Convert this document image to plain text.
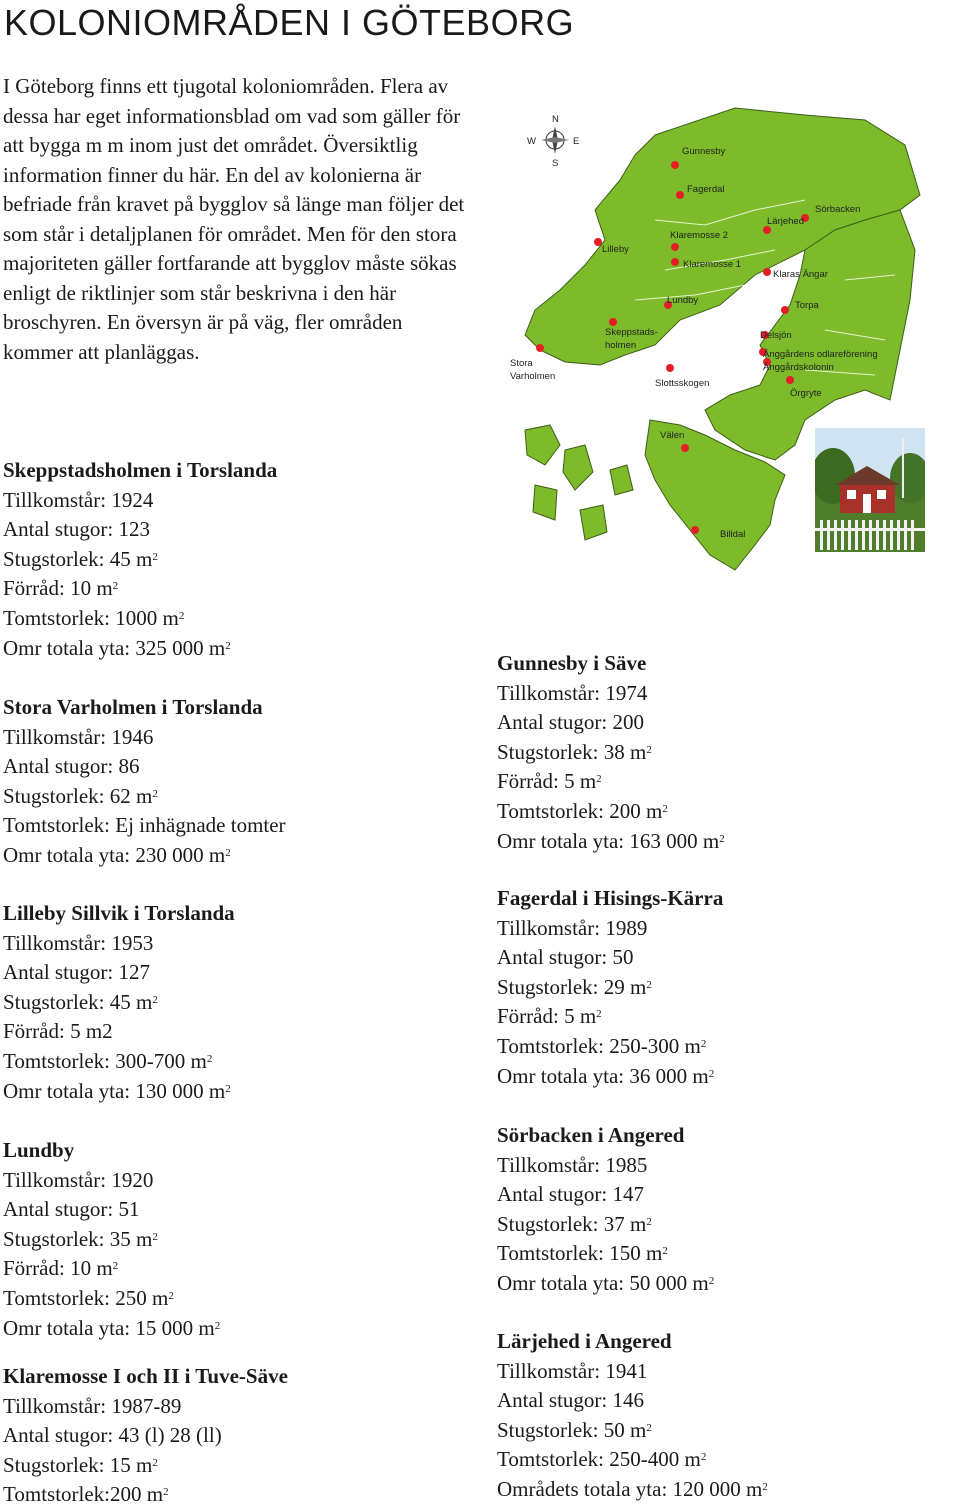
KOLONIOMRÅDEN I GÖTEBORG
I Göteborg finns ett tjugotal koloniområden. Flera av dessa har eget informationsblad om vad som gäller för att bygga m m inom just det området. Översiktlig information finner du här. En del av kolonierna är befriade från kravet på bygglov så länge man följer det som står i detaljplanen för området. Men för den stora majoriteten gäller fortfarande att bygglov måste sökas enligt de riktlinjer som står beskrivna i den här broschyren. En översyn är på väg, fler områden kommer att planläggas.
N
S
W	E
Gunnesby
Fagerdal
Lärjehed
Sörbacken
Lilleby
Klaremosse 2
Klaremosse 1
Klaras Ängar
Lundby	Torpa
Skeppstads-
holmen
Stora
Varholmen
Delsjön
Änggårdens odlareförening
Änggårdskolonin
Slottsskogen
Örgryte
Välen
Billdal
Skeppstadsholmen i Torslanda
Tillkomstår: 1924
Antal stugor: 123
Stugstorlek: 45 $m^2$
Förråd: 10 $m^2$
Tomtstorlek: 1000 $m^2$
Omr totala yta: 325 000 $m^2$
Stora Varholmen i Torslanda
Tillkomstår: 1946
Antal stugor: 86
Stugstorlek: 62 $m^2$
Tomtstorlek: Ej inhägnade tomter
Omr totala yta: 230 000 $m^2$
Lilleby Sillvik i Torslanda
Tillkomstår: 1953
Antal stugor: 127
Stugstorlek: 45 $m^2$
Förråd: 5 m2
Tomtstorlek: 300-700 $m^2$
Omr totala yta: 130 000 $m^2$
Lundby
Tillkomstår: 1920
Antal stugor: 51
Stugstorlek: 35 $m^2$
Förråd: 10 $m^2$
Tomtstorlek: 250 $m^2$
Omr totala yta: 15 000 $m^2$
Klaremosse I och II i Tuve-Säve
Tillkomstår: 1987-89
Antal stugor: 43 (l) 28 (ll)
Stugstorlek: 15 $m^2$
Tomtstorlek:200 $m^2$
Gunnesby i Säve
Tillkomstår: 1974
Antal stugor: 200
Stugstorlek: 38 $m^2$
Förråd: 5 $m^2$
Tomtstorlek: 200 $m^2$
Omr totala yta: 163 000 $m^2$
Fagerdal i Hisings-Kärra
Tillkomstår: 1989
Antal stugor: 50
Stugstorlek: 29 $m^2$
Förråd: 5 $m^2$
Tomtstorlek: 250-300 $m^2$
Omr totala yta: 36 000 $m^2$
Sörbacken i Angered
Tillkomstår: 1985
Antal stugor: 147
Stugstorlek: 37 $m^2$
Tomtstorlek: 150 $m^2$
Omr totala yta: 50 000 $m^2$
Lärjehed i Angered
Tillkomstår: 1941
Antal stugor: 146
Stugstorlek: 50 $m^2$
Tomtstorlek: 250-400 $m^2$
Områdets totala yta: 120 000 $m^2$
